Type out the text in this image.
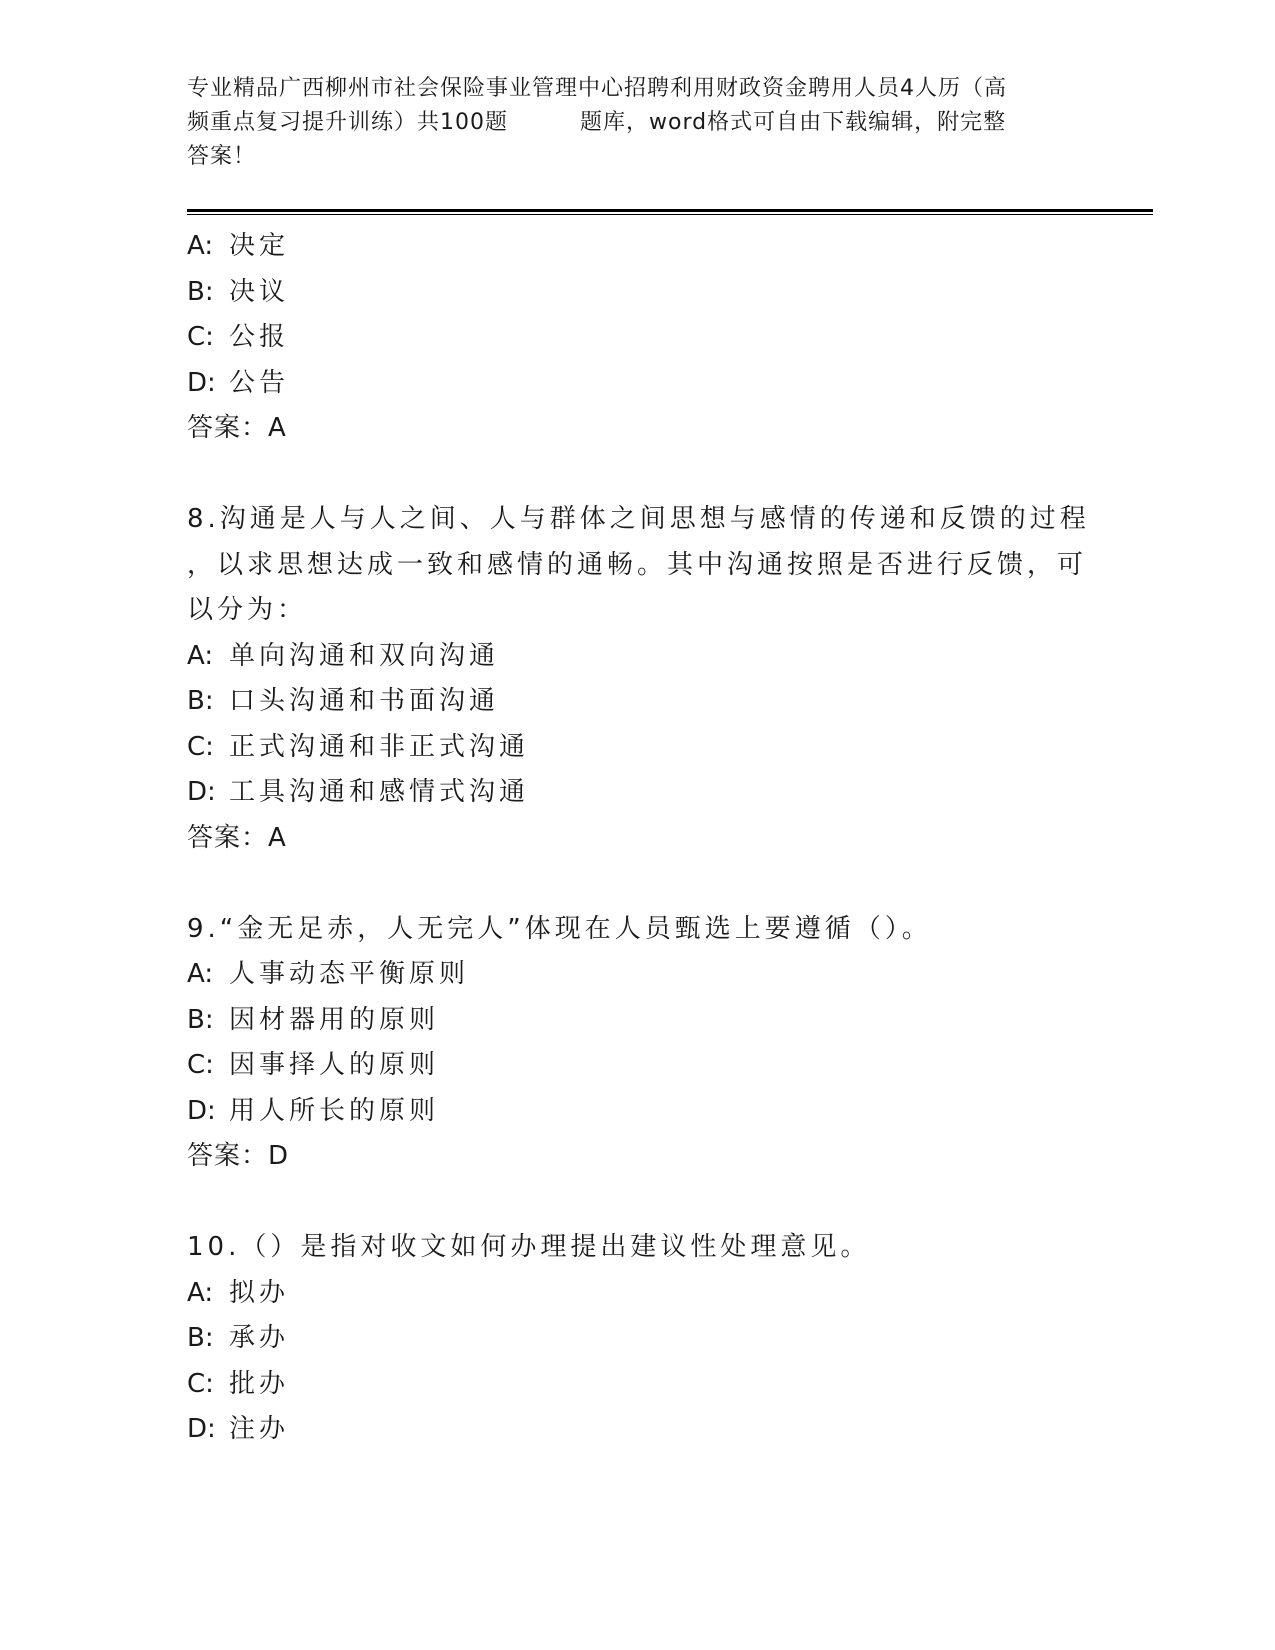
专业精品广西柳州市社会保险事业管理中心招聘利用财政资金聘用人员4人历（高
频重点复习提升训练）共100题	题库，word格式可自由下载编辑，附完整
答案！
A: 决定
B: 决议
C: 公报
D: 公告
答案：A
8.沟通是人与人之间、人与群体之间思想与感情的传递和反馈的过程
，以求思想达成一致和感情的通畅。其中沟通按照是否进行反馈，可
以分为：
A: 单向沟通和双向沟通
B: 口头沟通和书面沟通
C: 正式沟通和非正式沟通
D: 工具沟通和感情式沟通
答案：A
9.“金无足赤，人无完人”体现在人员甄选上要遵循（）。
A: 人事动态平衡原则
B: 因材器用的原则
C: 因事择人的原则
D: 用人所长的原则
答案：D
10.（）是指对收文如何办理提出建议性处理意见。
A: 拟办
B: 承办
C: 批办
D: 注办
